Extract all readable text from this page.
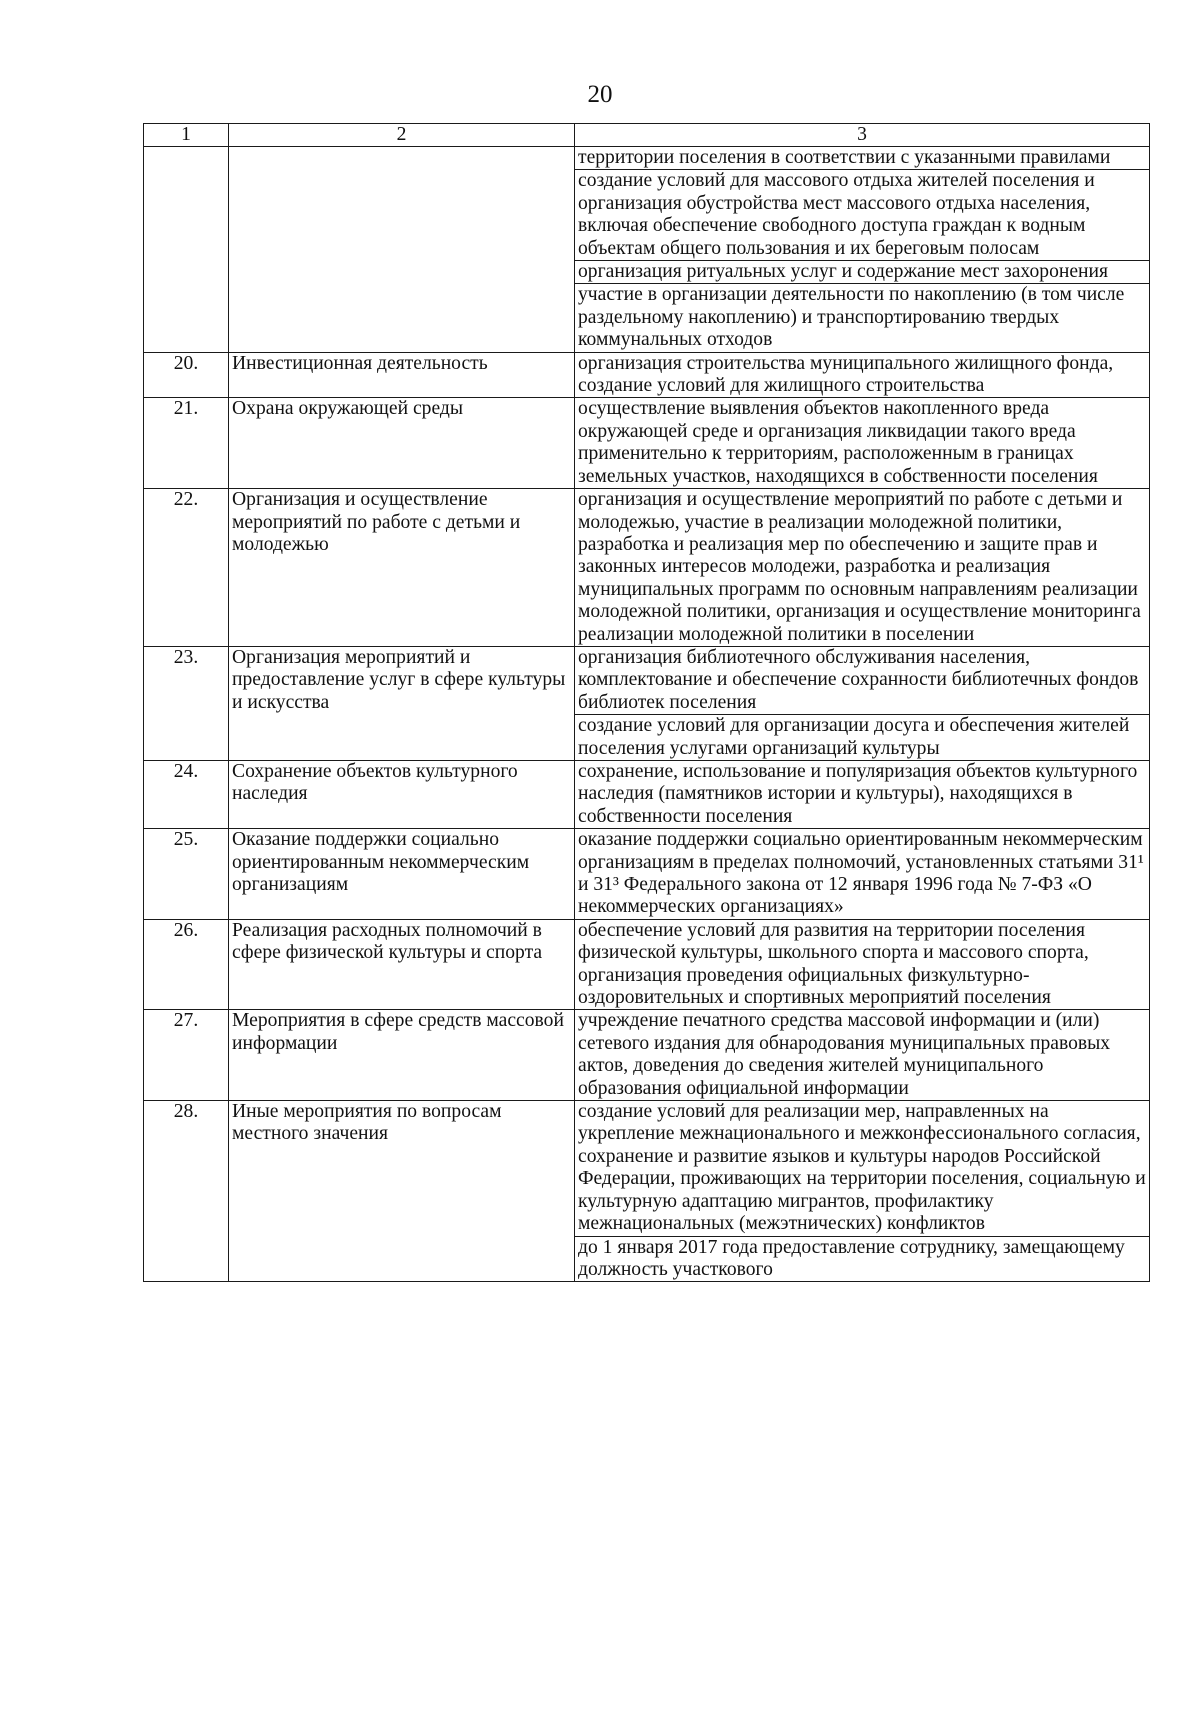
20
1	2	3
		территории поселения в соответствии с указанными правилами
		создание условий для массового отдыха жителей поселения и организация обустройства мест массового отдыха населения, включая обеспечение свободного доступа граждан к водным объектам общего пользования и их береговым полосам
		организация ритуальных услуг и содержание мест захоронения
		участие в организации деятельности по накоплению (в том числе раздельному накоплению) и транспортированию твердых коммунальных отходов
20.	Инвестиционная деятельность	организация строительства муниципального жилищного фонда, создание условий для жилищного строительства
21.	Охрана окружающей среды	осуществление выявления объектов накопленного вреда окружающей среде и организация ликвидации такого вреда применительно к территориям, расположенным в границах земельных участков, находящихся в собственности поселения
22.	Организация и осуществление мероприятий по работе с детьми и молодежью	организация и осуществление мероприятий по работе с детьми и молодежью, участие в реализации молодежной политики, разработка и реализация мер по обеспечению и защите прав и законных интересов молодежи, разработка и реализация муниципальных программ по основным направлениям реализации молодежной политики, организация и осуществление мониторинга реализации молодежной политики в поселении
23.	Организация мероприятий и предоставление услуг в сфере культуры и искусства	организация библиотечного обслуживания населения, комплектование и обеспечение сохранности библиотечных фондов библиотек поселения
		создание условий для организации досуга и обеспечения жителей поселения услугами организаций культуры
24.	Сохранение объектов культурного наследия	сохранение, использование и популяризация объектов культурного наследия (памятников истории и культуры), находящихся в собственности поселения
25.	Оказание поддержки социально ориентированным некоммерческим организациям	оказание поддержки социально ориентированным некоммерческим организациям в пределах полномочий, установленных статьями 31¹ и 31³ Федерального закона от 12 января 1996 года № 7-ФЗ «О некоммерческих организациях»
26.	Реализация расходных полномочий в сфере физической культуры и спорта	обеспечение условий для развития на территории поселения физической культуры, школьного спорта и массового спорта, организация проведения официальных физкультурно-оздоровительных и спортивных мероприятий поселения
27.	Мероприятия в сфере средств массовой информации	учреждение печатного средства массовой информации и (или) сетевого издания для обнародования муниципальных правовых актов, доведения до сведения жителей муниципального образования официальной информации
28.	Иные мероприятия по вопросам местного значения	создание условий для реализации мер, направленных на укрепление межнационального и межконфессионального согласия, сохранение и развитие языков и культуры народов Российской Федерации, проживающих на территории поселения, социальную и культурную адаптацию мигрантов, профилактику межнациональных (межэтнических) конфликтов
		до 1 января 2017 года предоставление сотруднику, замещающему должность участкового
